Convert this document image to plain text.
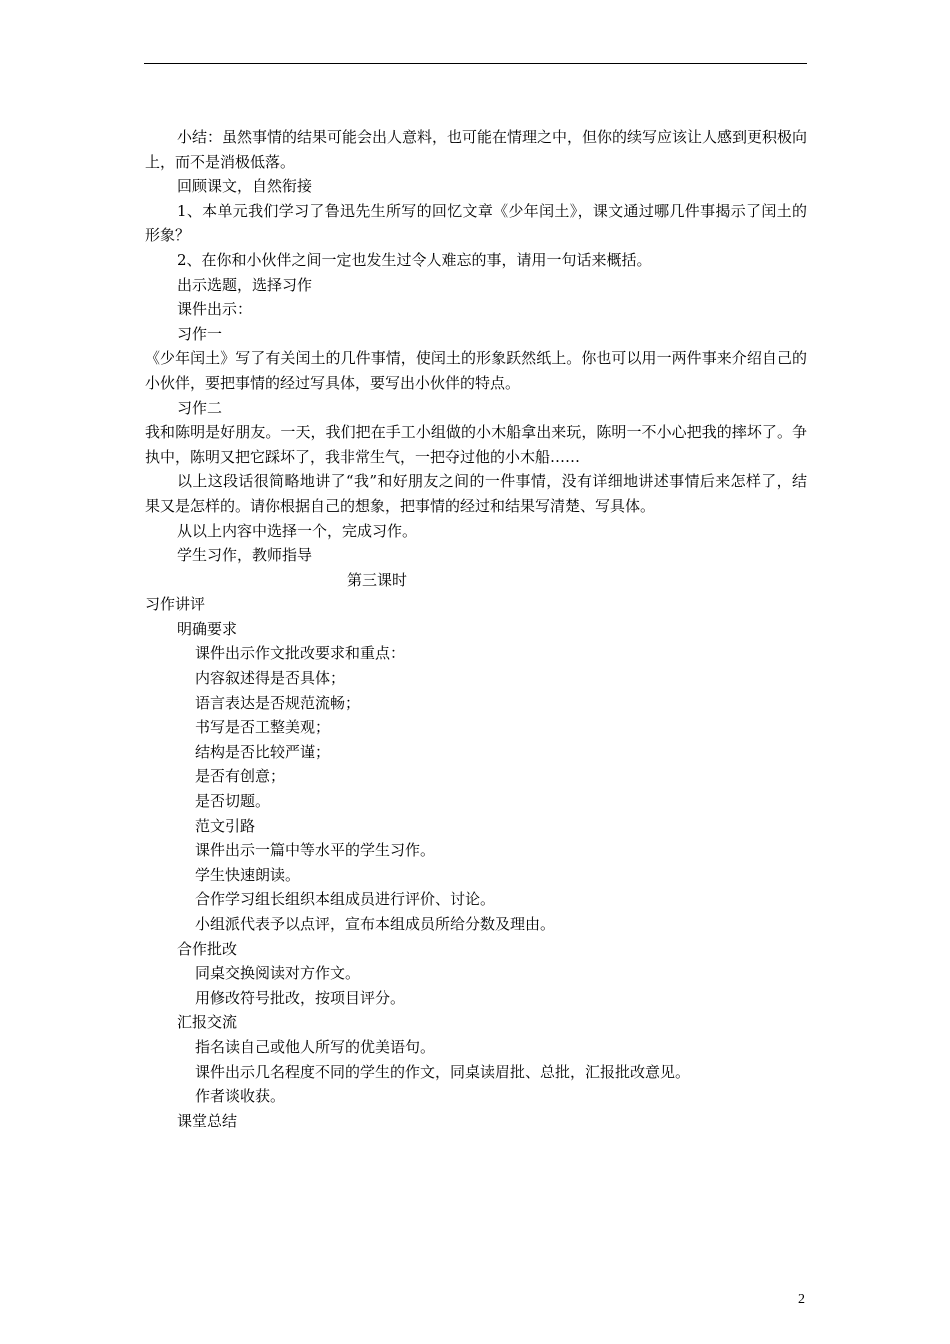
小结：虽然事情的结果可能会出人意料，也可能在情理之中，但你的续写应该让人感到更积极向上，而不是消极低落。

回顾课文，自然衔接

1、本单元我们学习了鲁迅先生所写的回忆文章《少年闰土》，课文通过哪几件事揭示了闰土的形象？

2、在你和小伙伴之间一定也发生过令人难忘的事，请用一句话来概括。

出示选题，选择习作

课件出示：

习作一

《少年闰土》写了有关闰土的几件事情，使闰土的形象跃然纸上。你也可以用一两件事来介绍自己的小伙伴，要把事情的经过写具体，要写出小伙伴的特点。

习作二

我和陈明是好朋友。一天，我们把在手工小组做的小木船拿出来玩，陈明一不小心把我的摔坏了。争执中，陈明又把它踩坏了，我非常生气，一把夺过他的小木船……

以上这段话很简略地讲了“我”和好朋友之间的一件事情，没有详细地讲述事情后来怎样了，结果又是怎样的。请你根据自己的想象，把事情的经过和结果写清楚、写具体。

从以上内容中选择一个，完成习作。

学生习作，教师指导

第三课时

习作讲评

明确要求

课件出示作文批改要求和重点：

内容叙述得是否具体；

语言表达是否规范流畅；

书写是否工整美观；

结构是否比较严谨；

是否有创意；

是否切题。

范文引路

课件出示一篇中等水平的学生习作。

学生快速朗读。

合作学习组长组织本组成员进行评价、讨论。

小组派代表予以点评，宣布本组成员所给分数及理由。

合作批改

同桌交换阅读对方作文。

用修改符号批改，按项目评分。

汇报交流

指名读自己或他人所写的优美语句。

课件出示几名程度不同的学生的作文，同桌读眉批、总批，汇报批改意见。

作者谈收获。

课堂总结

2
